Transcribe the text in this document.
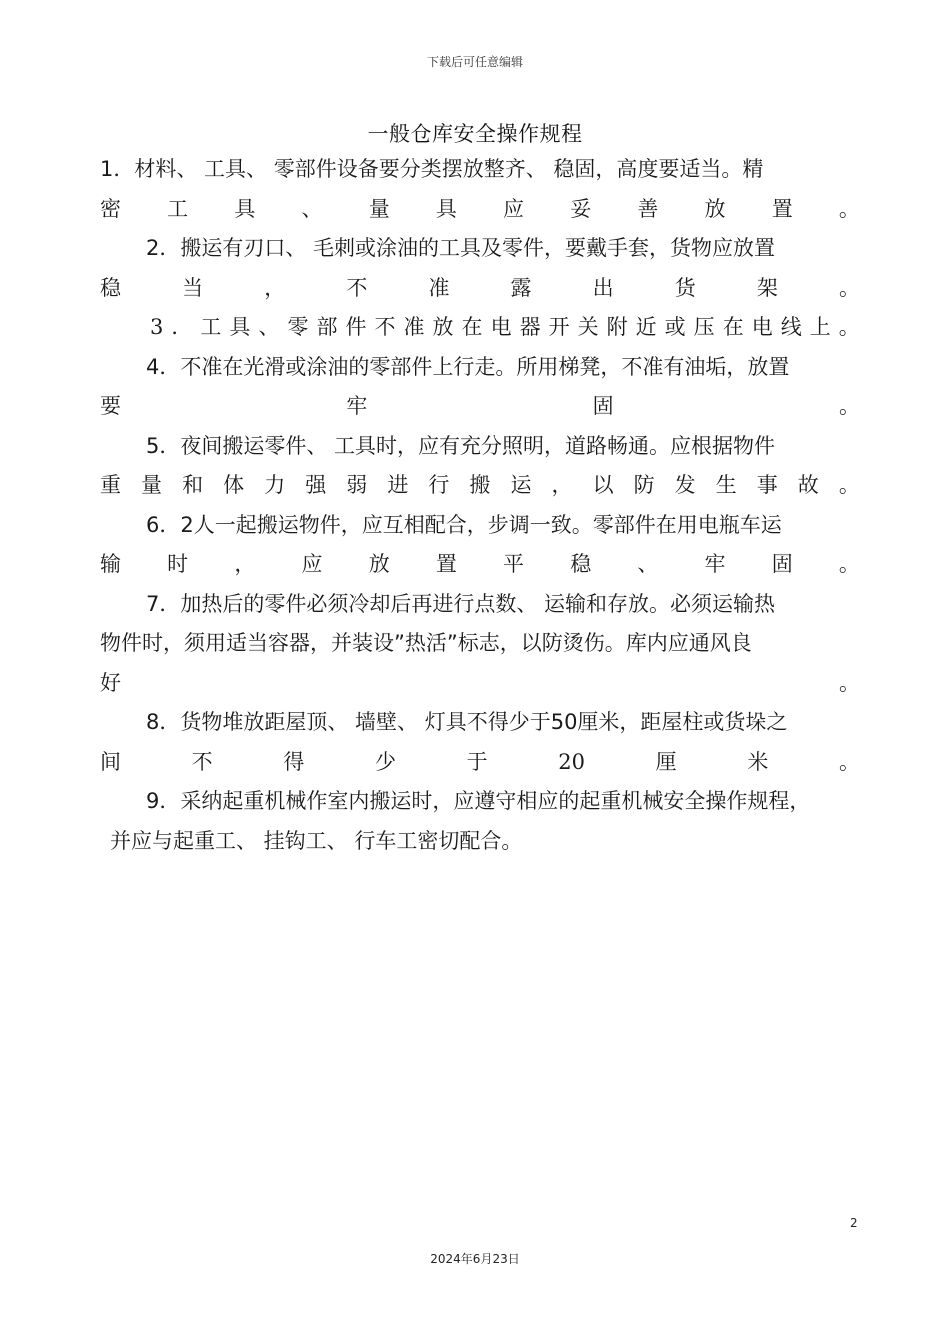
下载后可任意编辑
一般仓库安全操作规程
1．材料、 工具、 零部件设备要分类摆放整齐、 稳固，高度要适当。精
密 工 具 、 量 具 应 妥 善 放 置 。
2．搬运有刃口、 毛刺或涂油的工具及零件，要戴手套，货物应放置
稳	当	，	不	准	露	出	货	架	。
3 ． 工 具 、 零 部 件 不 准 放 在 电 器 开 关 附 近 或 压 在 电 线 上 。
4．不准在光滑或涂油的零部件上行走。所用梯凳，不准有油垢，放置
要	牢	固	。
5．夜间搬运零件、 工具时，应有充分照明，道路畅通。应根据物件
重 量 和 体 力 强 弱 进 行 搬 运 ， 以 防 发 生 事 故 。
6．2人一起搬运物件，应互相配合，步调一致。零部件在用电瓶车运
输 时 ， 应 放 置 平 稳 、 牢 固 。
7．加热后的零件必须冷却后再进行点数、 运输和存放。必须运输热
物件时，须用适当容器，并装设”热活”标志，以防烫伤。库内应通风良
好	。
8．货物堆放距屋顶、 墙壁、 灯具不得少于50厘米，距屋柱或货垛之
间	不	得	少	于	20	厘	米	。
9．采纳起重机械作室内搬运时，应遵守相应的起重机械安全操作规程，
并应与起重工、 挂钩工、 行车工密切配合。
2
2024年6月23日
